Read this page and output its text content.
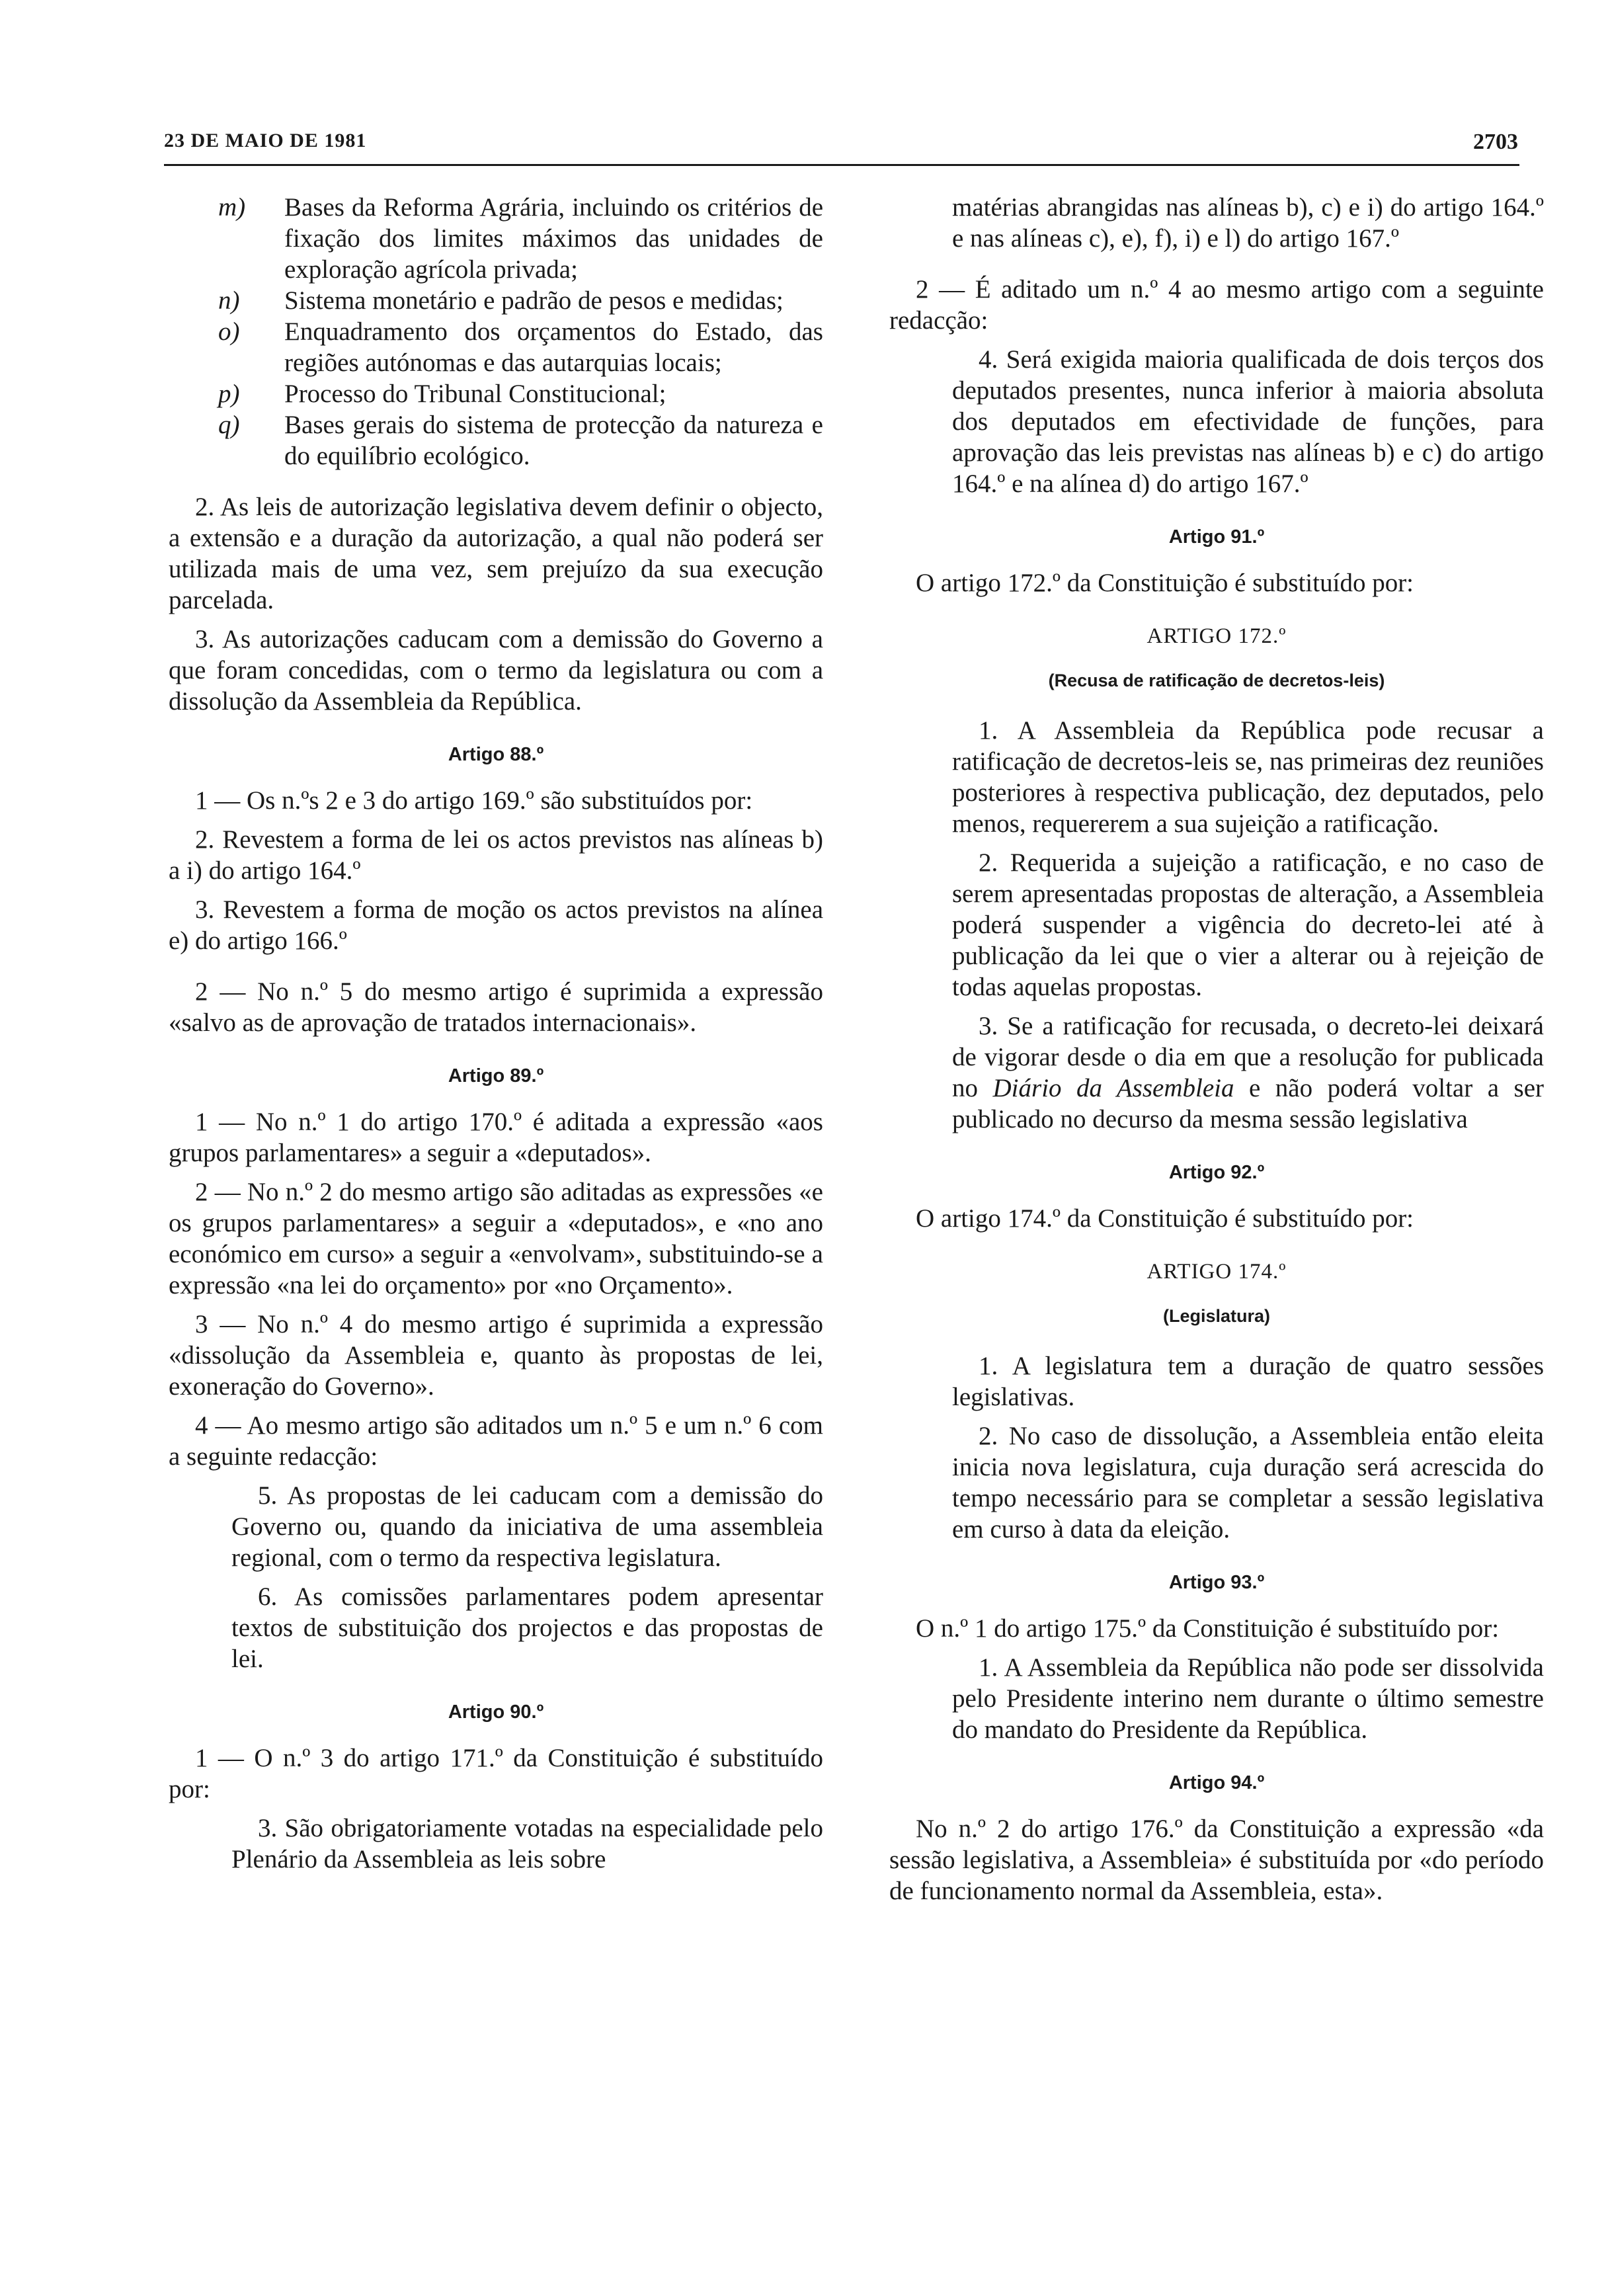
23 DE MAIO DE 1981	2703

m) Bases da Reforma Agrária, incluindo os critérios de fixação dos limites máximos das unidades de exploração agrícola privada;

n) Sistema monetário e padrão de pesos e medidas;

o) Enquadramento dos orçamentos do Estado, das regiões autónomas e das autarquias locais;

p) Processo do Tribunal Constitucional;

q) Bases gerais do sistema de protecção da natureza e do equilíbrio ecológico.

2. As leis de autorização legislativa devem definir o objecto, a extensão e a duração da autorização, a qual não poderá ser utilizada mais de uma vez, sem prejuízo da sua execução parcelada.

3. As autorizações caducam com a demissão do Governo a que foram concedidas, com o termo da legislatura ou com a dissolução da Assembleia da República.

Artigo 88.º

1 — Os n.ºs 2 e 3 do artigo 169.º são substituídos por:

2. Revestem a forma de lei os actos previstos nas alíneas b) a i) do artigo 164.º

3. Revestem a forma de moção os actos previstos na alínea e) do artigo 166.º

2 — No n.º 5 do mesmo artigo é suprimida a expressão «salvo as de aprovação de tratados internacionais».

Artigo 89.º

1 — No n.º 1 do artigo 170.º é aditada a expressão «aos grupos parlamentares» a seguir a «deputados».

2 — No n.º 2 do mesmo artigo são aditadas as expressões «e os grupos parlamentares» a seguir a «deputados», e «no ano económico em curso» a seguir a «envolvam», substituindo-se a expressão «na lei do orçamento» por «no Orçamento».

3 — No n.º 4 do mesmo artigo é suprimida a expressão «dissolução da Assembleia e, quanto às propostas de lei, exoneração do Governo».

4 — Ao mesmo artigo são aditados um n.º 5 e um n.º 6 com a seguinte redacção:

5. As propostas de lei caducam com a demissão do Governo ou, quando da iniciativa de uma assembleia regional, com o termo da respectiva legislatura.

6. As comissões parlamentares podem apresentar textos de substituição dos projectos e das propostas de lei.

Artigo 90.º

1 — O n.º 3 do artigo 171.º da Constituição é substituído por:

3. São obrigatoriamente votadas na especialidade pelo Plenário da Assembleia as leis sobre

matérias abrangidas nas alíneas b), c) e i) do artigo 164.º e nas alíneas c), e), f), i) e l) do artigo 167.º

2 — É aditado um n.º 4 ao mesmo artigo com a seguinte redacção:

4. Será exigida maioria qualificada de dois terços dos deputados presentes, nunca inferior à maioria absoluta dos deputados em efectividade de funções, para aprovação das leis previstas nas alíneas b) e c) do artigo 164.º e na alínea d) do artigo 167.º

Artigo 91.º

O artigo 172.º da Constituição é substituído por:

ARTIGO 172.º
(Recusa de ratificação de decretos-leis)

1. A Assembleia da República pode recusar a ratificação de decretos-leis se, nas primeiras dez reuniões posteriores à respectiva publicação, dez deputados, pelo menos, requererem a sua sujeição a ratificação.

2. Requerida a sujeição a ratificação, e no caso de serem apresentadas propostas de alteração, a Assembleia poderá suspender a vigência do decreto-lei até à publicação da lei que o vier a alterar ou à rejeição de todas aquelas propostas.

3. Se a ratificação for recusada, o decreto-lei deixará de vigorar desde o dia em que a resolução for publicada no Diário da Assembleia e não poderá voltar a ser publicado no decurso da mesma sessão legislativa

Artigo 92.º

O artigo 174.º da Constituição é substituído por:

ARTIGO 174.º
(Legislatura)

1. A legislatura tem a duração de quatro sessões legislativas.

2. No caso de dissolução, a Assembleia então eleita inicia nova legislatura, cuja duração será acrescida do tempo necessário para se completar a sessão legislativa em curso à data da eleição.

Artigo 93.º

O n.º 1 do artigo 175.º da Constituição é substituído por:

1. A Assembleia da República não pode ser dissolvida pelo Presidente interino nem durante o último semestre do mandato do Presidente da República.

Artigo 94.º

No n.º 2 do artigo 176.º da Constituição a expressão «da sessão legislativa, a Assembleia» é substituída por «do período de funcionamento normal da Assembleia, esta».
